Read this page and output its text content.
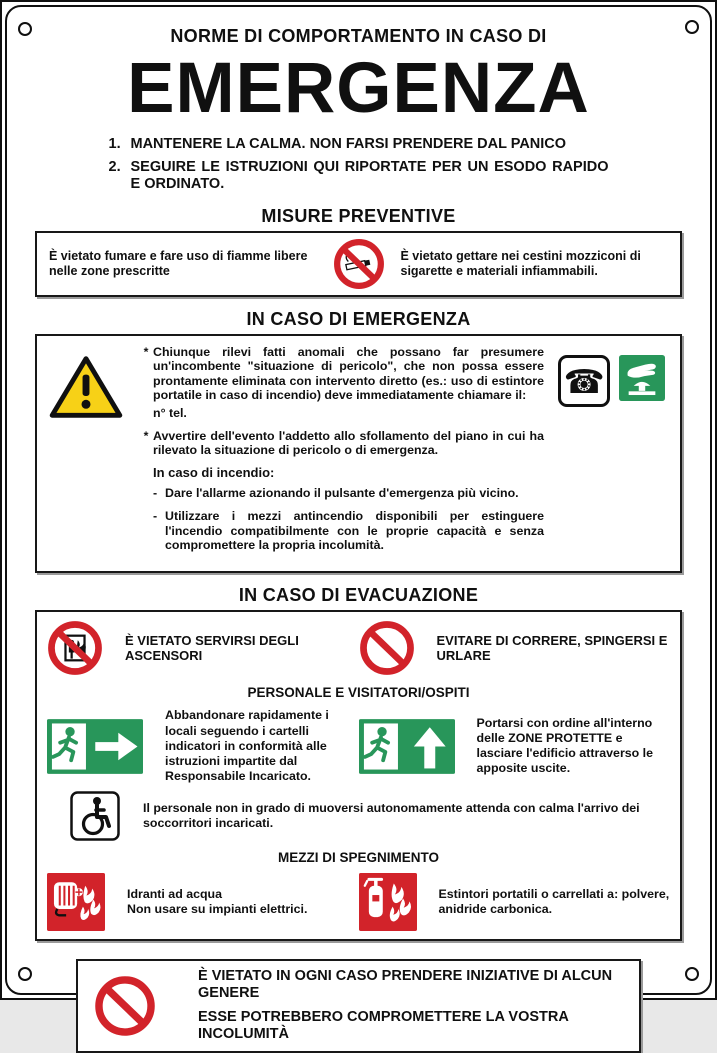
NORME DI COMPORTAMENTO IN CASO DI
EMERGENZA
1. MANTENERE LA CALMA. NON FARSI PRENDERE DAL PANICO
2. SEGUIRE LE ISTRUZIONI QUI RIPORTATE PER UN ESODO RAPIDO E ORDINATO.
MISURE PREVENTIVE
È vietato fumare e fare uso di fiamme libere nelle zone prescritte
È vietato gettare nei cestini mozziconi di sigarette e materiali infiammabili.
IN CASO DI EMERGENZA
* Chiunque rilevi fatti anomali che possano far presumere un'incombente "situazione di pericolo", che non possa essere prontamente eliminata con intervento diretto (es.: uso di estintore portatile in caso di incendio) deve immediatamente chiamare il:
n° tel.
* Avvertire dell'evento l'addetto allo sfollamento del piano in cui ha rilevato la situazione di pericolo o di emergenza.
In caso di incendio:
- Dare l'allarme azionando il pulsante d'emergenza più vicino.
- Utilizzare i mezzi antincendio disponibili per estinguere l'incendio compatibilmente con le proprie capacità e senza compromettere la propria incolumità.
☎
IN CASO DI EVACUAZIONE
È VIETATO SERVIRSI DEGLI ASCENSORI
EVITARE DI CORRERE, SPINGERSI E URLARE
PERSONALE E VISITATORI/OSPITI
Abbandonare rapidamente i locali seguendo i cartelli indicatori in conformità alle istruzioni impartite dal Responsabile Incaricato.
Portarsi con ordine all'interno delle ZONE PROTETTE e lasciare l'edificio attraverso le apposite uscite.
Il personale non in grado di muoversi autonomamente attenda con calma l'arrivo dei soccorritori incaricati.
MEZZI DI SPEGNIMENTO
Idranti ad acqua
Non usare su impianti elettrici.
Estintori portatili o carrellati a: polvere, anidride carbonica.
È VIETATO IN OGNI CASO PRENDERE INIZIATIVE DI ALCUN GENERE
ESSE POTREBBERO COMPROMETTERE LA VOSTRA INCOLUMITÀ
